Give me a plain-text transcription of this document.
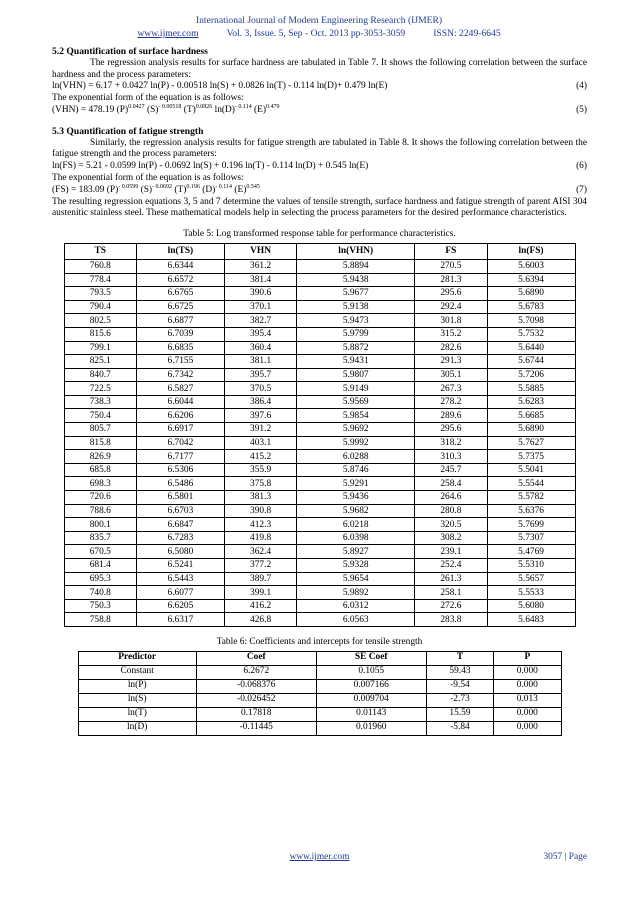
International Journal of Modern Engineering Research (IJMER)
www.ijmer.com	Vol. 3, Issue. 5, Sep - Oct. 2013 pp-3053-3059	ISSN: 2249-6645
5.2 Quantification of surface hardness

The regression analysis results for surface hardness are tabulated in Table 7. It shows the following correlation between the surface hardness and the process parameters:

ln(VHN) = 6.17 + 0.0427 ln(P) - 0.00518 ln(S) + 0.0826 ln(T) - 0.114 ln(D)+ 0.479 ln(E)	(4)

The exponential form of the equation is as follows:

(VHN) = 478.19 $(P)^{0.0427}$ $(S)^{- 0.00518}$ $(T)^{0.0826}$ $\ln(D)^{- 0.114}$ $(E)^{0.479}$	(5)
5.3 Quantification of fatigue strength

Similarly, the regression analysis results for fatigue strength are tabulated in Table 8. It shows the following correlation between the fatigue strength and the process parameters:

ln(FS) = 5.21 - 0.0599 ln(P) - 0.0692 ln(S) + 0.196 ln(T) - 0.114 ln(D) + 0.545 ln(E)	(6)

The exponential form of the equation is as follows:

(FS) = 183.09 $(P)^{- 0.0599}$ $(S)^{- 0.0692}$ $(T)^{0.196}$ $(D)^{- 0.114}$ $(E)^{0.545}$	(7)

The resulting regression equations 3, 5 and 7 determine the values of tensile strength, surface hardness and fatigue strength of parent AISI 304 austenitic stainless steel. These mathematical models help in selecting the process parameters for the desired performance characteristics.

Table 5: Log transformed response table for performance characteristics.
TS	ln(TS)	VHN	ln(VHN)	FS	ln(FS)
760.8	6.6344	361.2	5.8894	270.5	5.6003
778.4	6.6572	381.4	5.9438	281.3	5.6394
793.5	6.6765	390.6	5.9677	295.6	5.6890
790.4	6.6725	370.1	5.9138	292.4	5.6783
802.5	6.6877	382.7	5.9473	301.8	5.7098
815.6	6.7039	395.4	5.9799	315.2	5.7532
799.1	6.6835	360.4	5.8872	282.6	5.6440
825.1	6.7155	381.1	5.9431	291.3	5.6744
840.7	6.7342	395.7	5.9807	305.1	5.7206
722.5	6.5827	370.5	5.9149	267.3	5.5885
738.3	6.6044	386.4	5.9569	278.2	5.6283
750.4	6.6206	397.6	5.9854	289.6	5.6685
805.7	6.6917	391.2	5.9692	295.6	5.6890
815.8	6.7042	403.1	5.9992	318.2	5.7627
826.9	6.7177	415.2	6.0288	310.3	5.7375
685.8	6.5306	355.9	5.8746	245.7	5.5041
698.3	6.5486	375.8	5.9291	258.4	5.5544
720.6	6.5801	381.3	5.9436	264.6	5.5782
788.6	6.6703	390.8	5.9682	280.8	5.6376
800.1	6.6847	412.3	6.0218	320.5	5.7699
835.7	6.7283	419.8	6.0398	308.2	5.7307
670.5	6.5080	362.4	5.8927	239.1	5.4769
681.4	6.5241	377.2	5.9328	252.4	5.5310
695.3	6.5443	389.7	5.9654	261.3	5.5657
740.8	6.6077	399.1	5.9892	258.1	5.5533
750.3	6.6205	416.2	6.0312	272.6	5.6080
758.8	6.6317	426.8	6.0563	283.8	5.6483
Table 6: Coefficients and intercepts for tensile strength
Predictor	Coef	SE Coef	T	P
Constant	6.2672	0.1055	59.43	0.000
ln(P)	-0.068376	0.007166	-9.54	0.000
ln(S)	-0.026452	0.009704	-2.73	0.013
ln(T)	0.17818	0.01143	15.59	0.000
ln(D)	-0.11445	0.01960	-5.84	0.000
www.ijmer.com	3057 | Page
